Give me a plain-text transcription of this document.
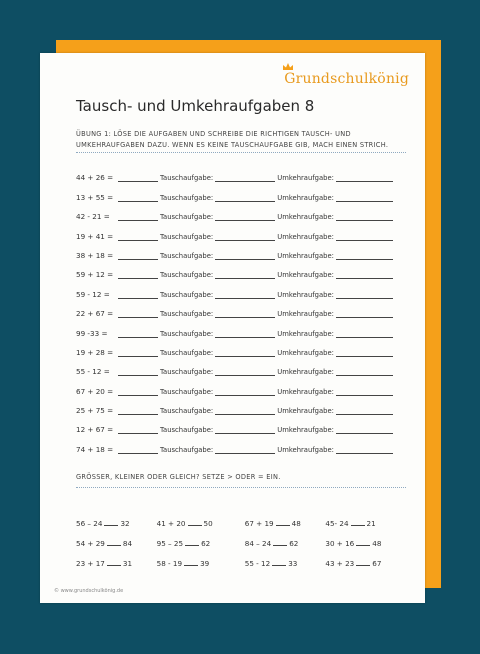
Grundschulkönig
Tausch- und Umkehraufgaben 8
ÜBUNG 1: LÖSE DIE AUFGABEN UND SCHREIBE DIE RICHTIGEN TAUSCH- UND UMKEHRAUFGABEN DAZU. WENN ES KEINE TAUSCHAUFGABE GIB, MACH EINEN STRICH.
44 + 26 =	Tauschaufgabe:	Umkehraufgabe:
13 + 55 =	Tauschaufgabe:	Umkehraufgabe:
42 - 21 =	Tauschaufgabe:	Umkehraufgabe:
19 + 41 =	Tauschaufgabe:	Umkehraufgabe:
38 + 18 =	Tauschaufgabe:	Umkehraufgabe:
59 + 12 =	Tauschaufgabe:	Umkehraufgabe:
59 - 12 =	Tauschaufgabe:	Umkehraufgabe:
22 + 67 =	Tauschaufgabe:	Umkehraufgabe:
99 -33 =	Tauschaufgabe:	Umkehraufgabe:
19 + 28 =	Tauschaufgabe:	Umkehraufgabe:
55 - 12 =	Tauschaufgabe:	Umkehraufgabe:
67 + 20 =	Tauschaufgabe:	Umkehraufgabe:
25 + 75 =	Tauschaufgabe:	Umkehraufgabe:
12 + 67 =	Tauschaufgabe:	Umkehraufgabe:
74 + 18 =	Tauschaufgabe:	Umkehraufgabe:
GRÖSSER, KLEINER ODER GLEICH? SETZE > ODER = EIN.
56 – 24	32	41 + 20	50	67 + 19	48	45- 24	21
54 + 29	84	95 – 25	62	84 – 24	62	30 + 16	48
23 + 17	31	58 - 19	39	55 - 12	33	43 + 23	67
© www.grundschulkönig.de
